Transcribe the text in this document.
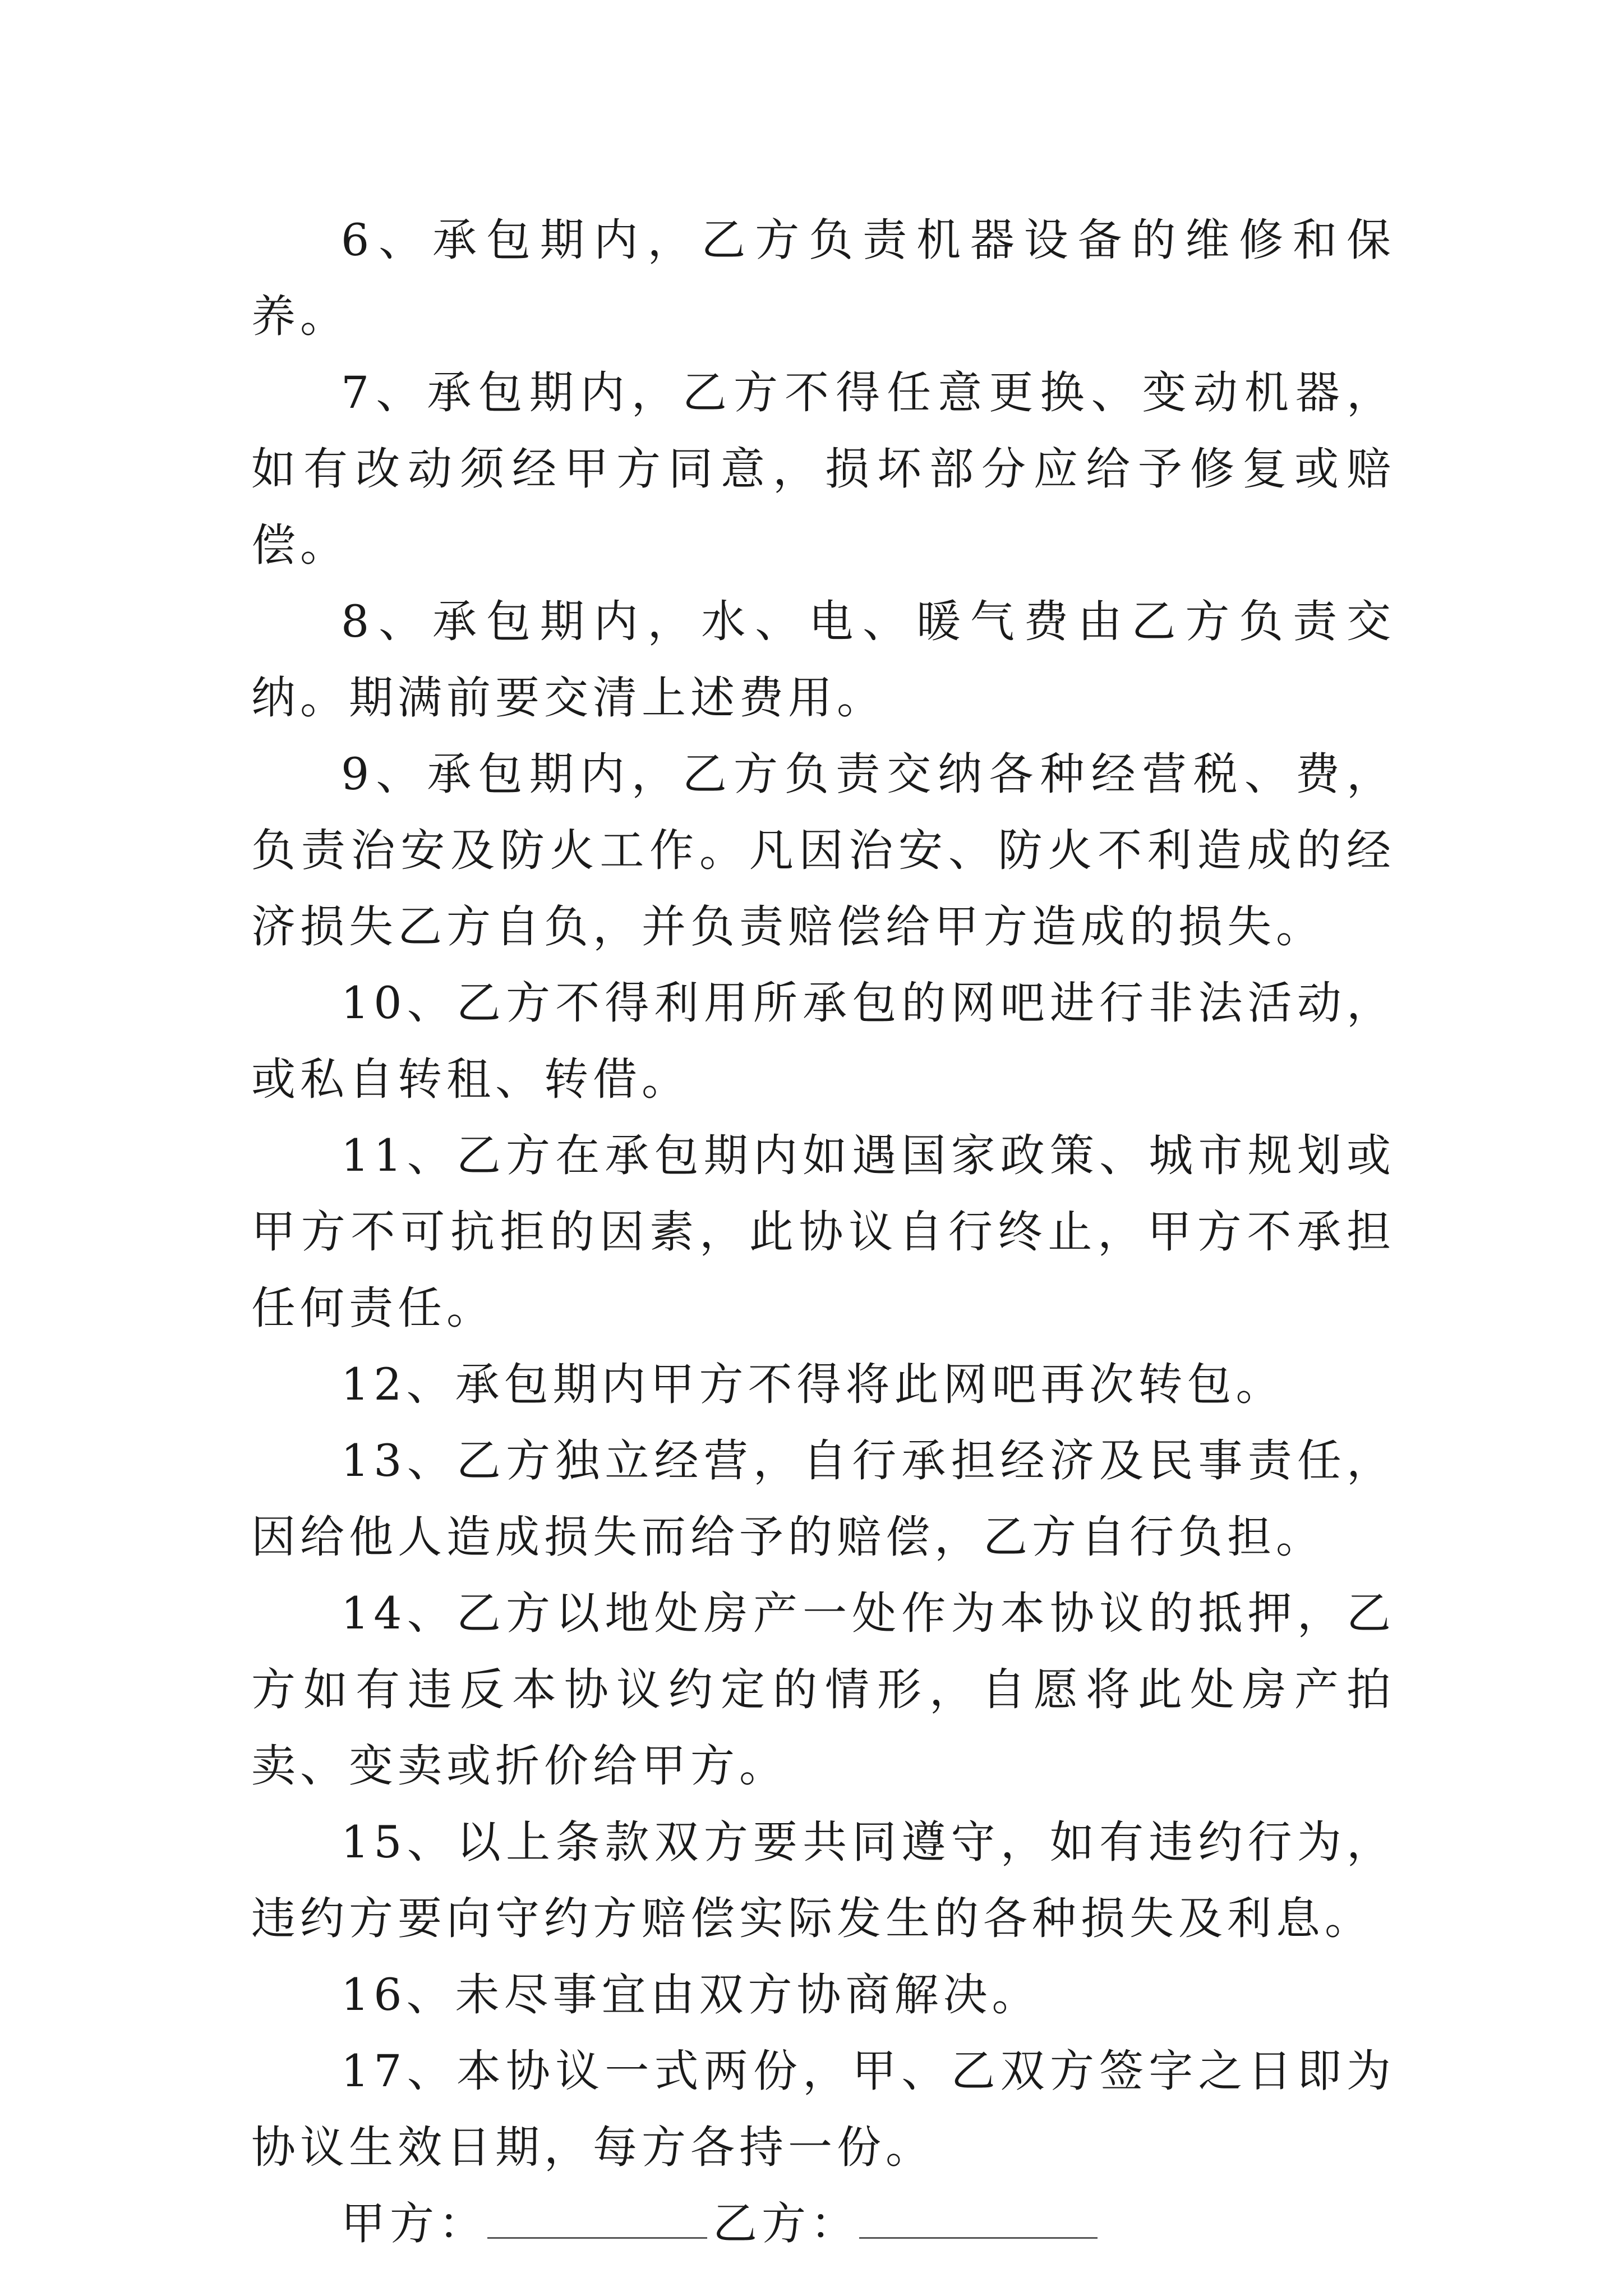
6、承包期内，乙方负责机器设备的维修和保养。

7、承包期内，乙方不得任意更换、变动机器，如有改动须经甲方同意，损坏部分应给予修复或赔偿。

8、承包期内，水、电、暖气费由乙方负责交纳。期满前要交清上述费用。

9、承包期内，乙方负责交纳各种经营税、费，负责治安及防火工作。凡因治安、防火不利造成的经济损失乙方自负，并负责赔偿给甲方造成的损失。

10、乙方不得利用所承包的网吧进行非法活动，或私自转租、转借。

11、乙方在承包期内如遇国家政策、城市规划或甲方不可抗拒的因素，此协议自行终止，甲方不承担任何责任。

12、承包期内甲方不得将此网吧再次转包。

13、乙方独立经营，自行承担经济及民事责任，因给他人造成损失而给予的赔偿，乙方自行负担。

14、乙方以地处房产一处作为本协议的抵押，乙方如有违反本协议约定的情形，自愿将此处房产拍卖、变卖或折价给甲方。

15、以上条款双方要共同遵守，如有违约行为，违约方要向守约方赔偿实际发生的各种损失及利息。

16、未尽事宜由双方协商解决。

17、本协议一式两份，甲、乙双方签字之日即为协议生效日期，每方各持一份。

甲方：	乙方：
